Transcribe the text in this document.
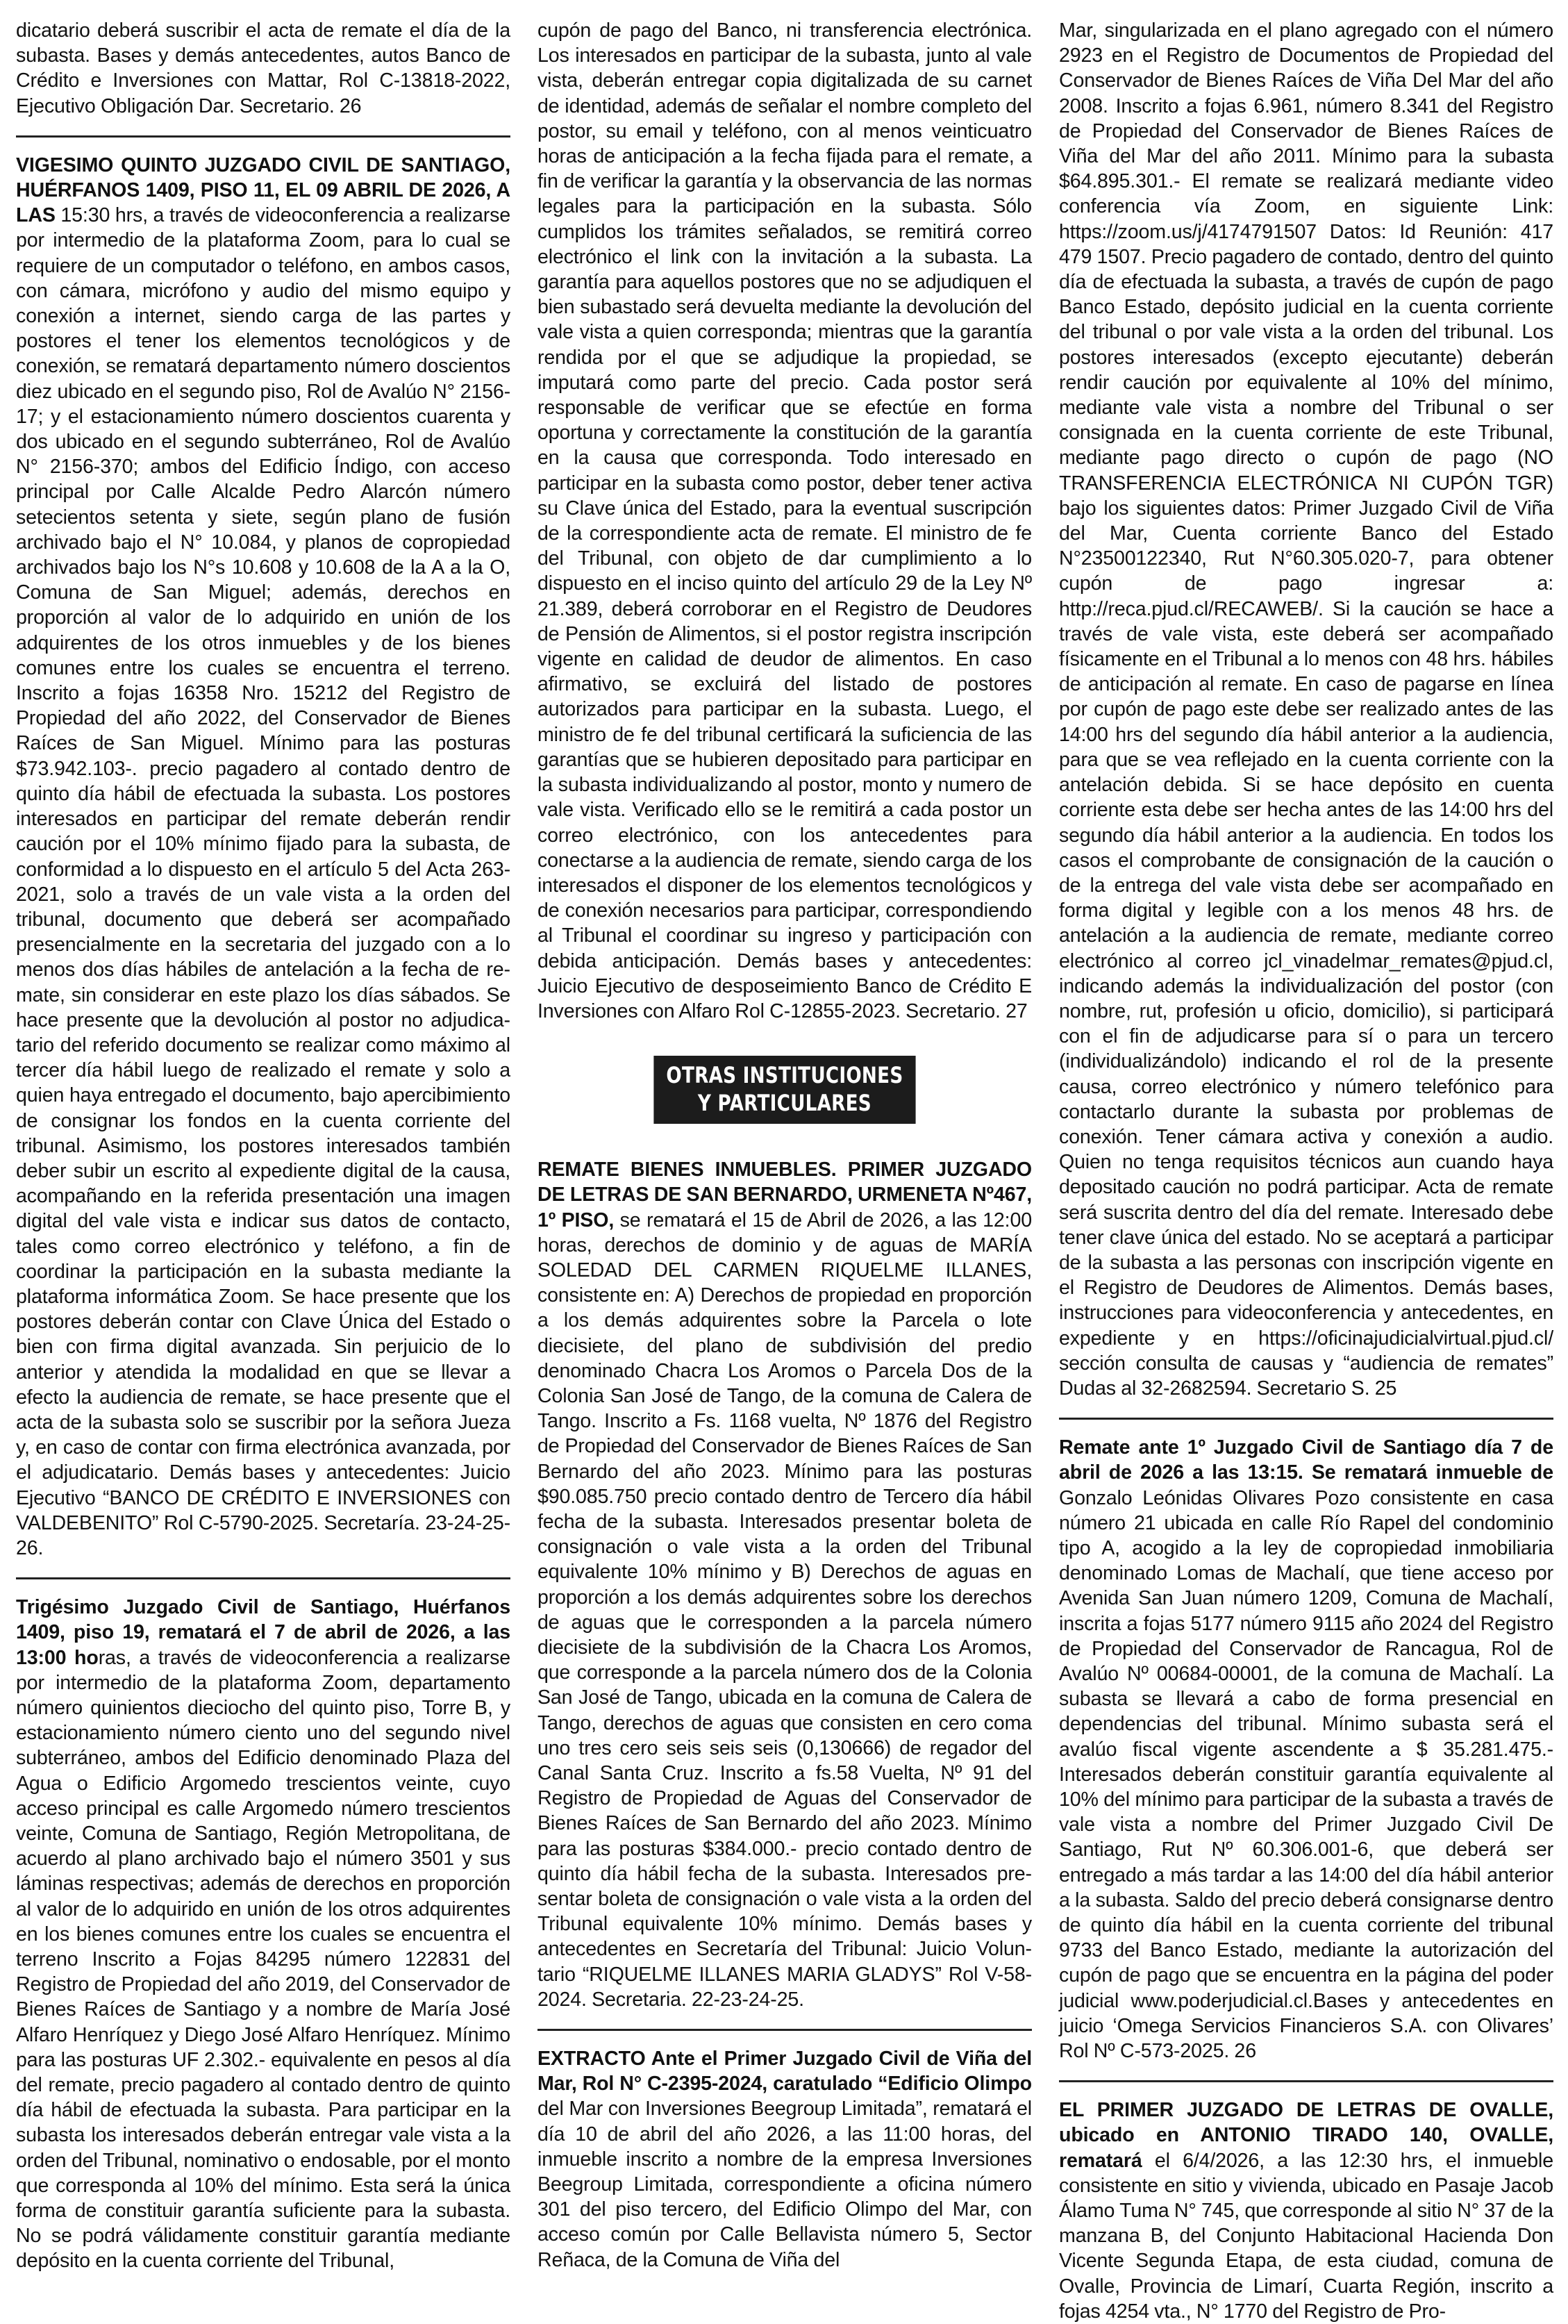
dicatario deberá suscribir el acta de remate el día de la subasta. Bases y demás antecedentes, autos Banco de Crédito e Inversiones con Mattar, Rol C-13818-2022, Ejecutivo Obligación Dar. Secretario. 26

VIGESIMO QUINTO JUZGADO CIVIL DE SANTIAGO, HUÉRFANOS 1409, PISO 11, EL 09 ABRIL DE 2026, A LAS 15:30 hrs, a través de videoconferencia a realizarse por intermedio de la plataforma Zoom, para lo cual se requiere de un computador o teléfono, en ambos casos, con cámara, micrófono y audio del mismo equipo y conexión a internet, siendo carga de las partes y postores el tener los elementos tecnológicos y de conexión, se rematará departamento número doscientos diez ubicado en el segundo piso, Rol de Avalúo N° 2156-17; y el estacionamiento número doscientos cuarenta y dos ubicado en el segundo subterráneo, Rol de Avalúo N° 2156-370; ambos del Edificio Índigo, con acceso principal por Calle Alcalde Pedro Alarcón número setecientos setenta y siete, según plano de fusión archivado bajo el N° 10.084, y planos de copropiedad archivados bajo los N°s 10.608 y 10.608 de la A a la O, Comuna de San Miguel; además, derechos en proporción al valor de lo adquirido en unión de los adquirentes de los otros inmuebles y de los bienes comunes entre los cuales se encuentra el terreno. Inscrito a fojas 16358 Nro. 15212 del Registro de Propiedad del año 2022, del Conservador de Bienes Raíces de San Miguel. Mínimo para las posturas $73.942.103-. precio pagadero al contado dentro de quinto día hábil de efectuada la subasta. Los postores interesados en participar del remate deberán rendir caución por el 10% mínimo fijado para la subasta, de conformidad a lo dispuesto en el artículo 5 del Acta 263-2021, solo a través de un vale vista a la orden del tribunal, documento que deberá ser acompañado presencialmente en la secretaria del juzgado con a lo menos dos días hábiles de antelación a la fecha de remate, sin considerar en este plazo los días sábados. Se hace presente que la devolución al postor no adjudicatario del referido documento se realizar como máximo al tercer día hábil luego de realizado el remate y solo a quien haya entregado el documento, bajo apercibimiento de consignar los fondos en la cuenta corriente del tribunal. Asimismo, los postores interesados también deber subir un escrito al expediente digital de la causa, acompañando en la referida presentación una imagen digital del vale vista e indicar sus datos de contacto, tales como correo electrónico y teléfono, a fin de coordinar la participación en la subasta mediante la plataforma informática Zoom. Se hace presente que los postores deberán contar con Clave Única del Estado o bien con firma digital avanzada. Sin perjuicio de lo anterior y atendida la modalidad en que se llevar a efecto la audiencia de remate, se hace presente que el acta de la subasta solo se suscribir por la señora Jueza y, en caso de contar con firma electrónica avanzada, por el adjudicatario. Demás bases y antecedentes: Juicio Ejecutivo “BANCO DE CRÉDITO E INVERSIONES con VALDEBENITO” Rol C-5790-2025. Secretaría. 23-24-25-26.

Trigésimo Juzgado Civil de Santiago, Huérfanos 1409, piso 19, rematará el 7 de abril de 2026, a las 13:00 horas, a través de videoconferencia a realizarse por intermedio de la plataforma Zoom, departamento número quinientos dieciocho del quinto piso, Torre B, y estacionamiento número ciento uno del segundo nivel subterráneo, ambos del Edificio denominado Plaza del Agua o Edificio Argomedo trescientos veinte, cuyo acceso principal es calle Argomedo número trescientos veinte, Comuna de Santiago, Región Metropolitana, de acuerdo al plano archivado bajo el número 3501 y sus láminas respectivas; además de derechos en proporción al valor de lo adquirido en unión de los otros adquirentes en los bienes comunes entre los cuales se encuentra el terreno Inscrito a Fojas 84295 número 122831 del Registro de Propiedad del año 2019, del Conservador de Bienes Raíces de Santiago y a nombre de María José Alfaro Henríquez y Diego José Alfaro Henríquez. Mínimo para las posturas UF 2.302.- equivalente en pesos al día del remate, precio pagadero al contado dentro de quinto día hábil de efectuada la subasta. Para participar en la subasta los interesados deberán entregar vale vista a la orden del Tribunal, nominativo o endosable, por el monto que corresponda al 10% del mínimo. Esta será la única forma de constituir garantía suficiente para la subasta. No se podrá válidamente constituir garantía mediante depósito en la cuenta corriente del Tribunal,

cupón de pago del Banco, ni transferencia electrónica. Los interesados en participar de la subasta, junto al vale vista, deberán entregar copia digitalizada de su carnet de identidad, además de señalar el nombre completo del postor, su email y teléfono, con al menos veinticuatro horas de anticipación a la fecha fijada para el remate, a fin de verificar la garantía y la observancia de las normas legales para la participación en la subasta. Sólo cumplidos los trámites señalados, se remitirá correo electrónico el link con la invitación a la subasta. La garantía para aquellos postores que no se adjudiquen el bien subastado será devuelta mediante la devolución del vale vista a quien corresponda; mientras que la garantía rendida por el que se adjudique la propiedad, se imputará como parte del precio. Cada postor será responsable de verificar que se efectúe en forma oportuna y correctamente la constitución de la garantía en la causa que corresponda. Todo interesado en participar en la subasta como postor, deber tener activa su Clave única del Estado, para la eventual suscripción de la correspondiente acta de remate. El ministro de fe del Tribunal, con objeto de dar cumplimiento a lo dispuesto en el inciso quinto del artículo 29 de la Ley Nº 21.389, deberá corroborar en el Registro de Deudores de Pensión de Alimentos, si el postor registra inscripción vigente en calidad de deudor de alimentos. En caso afirmativo, se excluirá del listado de postores autorizados para participar en la subasta. Luego, el ministro de fe del tribunal certificará la suficiencia de las garantías que se hubieren depositado para participar en la subasta individualizando al postor, monto y numero de vale vista. Verificado ello se le remitirá a cada postor un correo electrónico, con los antecedentes para conectarse a la audiencia de remate, siendo carga de los interesados el disponer de los elementos tecnológicos y de conexión necesarios para participar, correspondiendo al Tribunal el coordinar su ingreso y participación con debida anticipación. Demás bases y antecedentes: Juicio Ejecutivo de desposeimiento Banco de Crédito E Inversiones con Alfaro Rol C-12855-2023. Secretario. 27

OTRAS INSTITUCIONES
Y PARTICULARES

REMATE BIENES INMUEBLES. PRIMER JUZGADO DE LETRAS DE SAN BERNARDO, URMENETA Nº467, 1º PISO, se rematará el 15 de Abril de 2026, a las 12:00 horas, derechos de dominio y de aguas de MARÍA SOLEDAD DEL CARMEN RIQUELME ILLANES, consistente en: A) Derechos de propiedad en proporción a los demás adquirentes sobre la Parcela o lote diecisiete, del plano de subdivisión del predio denominado Chacra Los Aromos o Parcela Dos de la Colonia San José de Tango, de la comuna de Calera de Tango. Inscrito a Fs. 1168 vuelta, Nº 1876 del Registro de Propiedad del Conservador de Bienes Raíces de San Bernardo del año 2023. Mínimo para las posturas $90.085.750 precio contado dentro de Tercero día hábil fecha de la subasta. Interesados presentar boleta de consignación o vale vista a la orden del Tribunal equivalente 10% mínimo y B) Derechos de aguas en proporción a los demás adquirentes sobre los derechos de aguas que le corresponden a la parcela número diecisiete de la subdivisión de la Chacra Los Aromos, que corresponde a la parcela número dos de la Colonia San José de Tango, ubicada en la comuna de Calera de Tango, derechos de aguas que consisten en cero coma uno tres cero seis seis seis (0,130666) de regador del Canal Santa Cruz. Inscrito a fs.58 Vuelta, Nº 91 del Registro de Propiedad de Aguas del Conservador de Bienes Raíces de San Bernardo del año 2023. Mínimo para las posturas $384.000.- precio contado dentro de quinto día hábil fecha de la subasta. Interesados presentar boleta de consignación o vale vista a la orden del Tribunal equivalente 10% mínimo. Demás bases y antecedentes en Secretaría del Tribunal: Juicio Voluntario “RIQUELME ILLANES MARIA GLADYS” Rol V-58-2024. Secretaria. 22-23-24-25.

EXTRACTO Ante el Primer Juzgado Civil de Viña del Mar, Rol N° C-2395-2024, caratulado “Edificio Olimpo del Mar con Inversiones Beegroup Limitada”, rematará el día 10 de abril del año 2026, a las 11:00 horas, del inmueble inscrito a nombre de la empresa Inversiones Beegroup Limitada, correspondiente a oficina número 301 del piso tercero, del Edificio Olimpo del Mar, con acceso común por Calle Bellavista número 5, Sector Reñaca, de la Comuna de Viña del

Mar, singularizada en el plano agregado con el número 2923 en el Registro de Documentos de Propiedad del Conservador de Bienes Raíces de Viña Del Mar del año 2008. Inscrito a fojas 6.961, número 8.341 del Registro de Propiedad del Conservador de Bienes Raíces de Viña del Mar del año 2011. Mínimo para la subasta $64.895.301.- El remate se realizará mediante video conferencia vía Zoom, en siguiente Link: https://zoom.us/j/4174791507 Datos: Id Reunión: 417 479 1507. Precio pagadero de contado, dentro del quinto día de efectuada la subasta, a través de cupón de pago Banco Estado, depósito judicial en la cuenta corriente del tribunal o por vale vista a la orden del tribunal. Los postores interesados (excepto ejecutante) deberán rendir caución por equivalente al 10% del mínimo, mediante vale vista a nombre del Tribunal o ser consignada en la cuenta corriente de este Tribunal, mediante pago directo o cupón de pago (NO TRANSFERENCIA ELECTRÓNICA NI CUPÓN TGR) bajo los siguientes datos: Primer Juzgado Civil de Viña del Mar, Cuenta corriente Banco del Estado N°23500122340, Rut N°60.305.020-7, para obtener cupón de pago ingresar a: http://reca.pjud.cl/RECAWEB/. Si la caución se hace a través de vale vista, este deberá ser acompañado físicamente en el Tribunal a lo menos con 48 hrs. hábiles de anticipación al remate. En caso de pagarse en línea por cupón de pago este debe ser realizado antes de las 14:00 hrs del segundo día hábil anterior a la audiencia, para que se vea reflejado en la cuenta corriente con la antelación debida. Si se hace depósito en cuenta corriente esta debe ser hecha antes de las 14:00 hrs del segundo día hábil anterior a la audiencia. En todos los casos el comprobante de consignación de la caución o de la entrega del vale vista debe ser acompañado en forma digital y legible con a los menos 48 hrs. de antelación a la audiencia de remate, mediante correo electrónico al correo jcl_vinadelmar_remates@pjud.cl, indicando además la individualización del postor (con nombre, rut, profesión u oficio, domicilio), si participará con el fin de adjudicarse para sí o para un tercero (individualizándolo) indicando el rol de la presente causa, correo electrónico y número telefónico para contactarlo durante la subasta por problemas de conexión. Tener cámara activa y conexión a audio. Quien no tenga requisitos técnicos aun cuando haya depositado caución no podrá participar. Acta de remate será suscrita dentro del día del remate. Interesado debe tener clave única del estado. No se aceptará a participar de la subasta a las personas con inscripción vigente en el Registro de Deudores de Alimentos. Demás bases, instrucciones para videoconferencia y antecedentes, en expediente y en https://oficinajudicialvirtual.pjud.cl/ sección consulta de causas y “audiencia de remates” Dudas al 32-2682594. Secretario S. 25

Remate ante 1º Juzgado Civil de Santiago día 7 de abril de 2026 a las 13:15. Se rematará inmueble de Gonzalo Leónidas Olivares Pozo consistente en casa número 21 ubicada en calle Río Rapel del condominio tipo A, acogido a la ley de copropiedad inmobiliaria denominado Lomas de Machalí, que tiene acceso por Avenida San Juan número 1209, Comuna de Machalí, inscrita a fojas 5177 número 9115 año 2024 del Registro de Propiedad del Conservador de Rancagua, Rol de Avalúo Nº 00684-00001, de la comuna de Machalí. La subasta se llevará a cabo de forma presencial en dependencias del tribunal. Mínimo subasta será el avalúo fiscal vigente ascendente a $ 35.281.475.- Interesados deberán constituir garantía equivalente al 10% del mínimo para participar de la subasta a través de vale vista a nombre del Primer Juzgado Civil De Santiago, Rut Nº 60.306.001-6, que deberá ser entregado a más tardar a las 14:00 del día hábil anterior a la subasta. Saldo del precio deberá consignarse dentro de quinto día hábil en la cuenta corriente del tribunal 9733 del Banco Estado, mediante la autorización del cupón de pago que se encuentra en la página del poder judicial www.poderjudicial.cl.Bases y antecedentes en juicio ‘Omega Servicios Financieros S.A. con Olivares’ Rol Nº C-573-2025. 26

EL PRIMER JUZGADO DE LETRAS DE OVALLE, ubicado en ANTONIO TIRADO 140, OVALLE, rematará el 6/4/2026, a las 12:30 hrs, el inmueble consistente en sitio y vivienda, ubicado en Pasaje Jacob Álamo Tuma N° 745, que corresponde al sitio N° 37 de la manzana B, del Conjunto Habitacional Hacienda Don Vicente Segunda Etapa, de esta ciudad, comuna de Ovalle, Provincia de Limarí, Cuarta Región, inscrito a fojas 4254 vta., N° 1770 del Registro de Pro-
